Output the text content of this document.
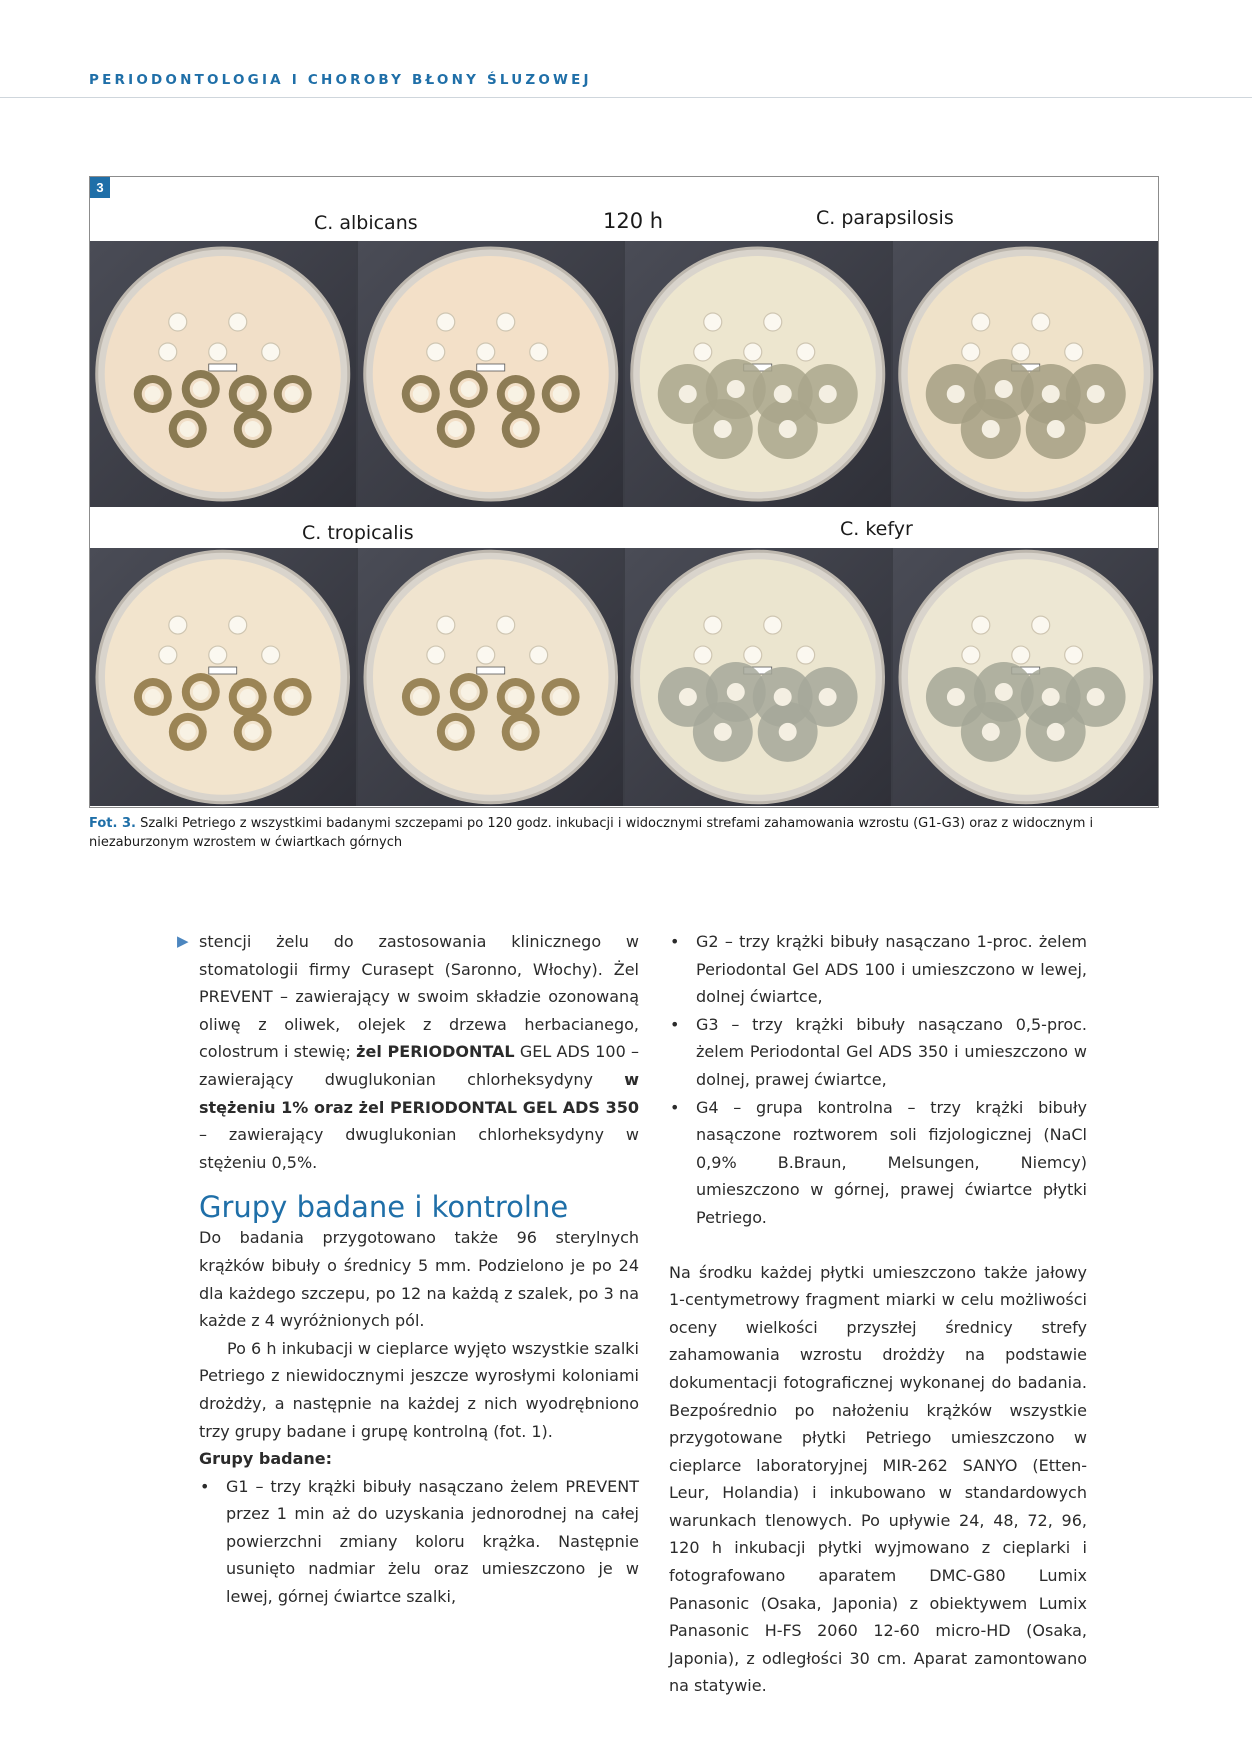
PERIODONTOLOGIA I CHOROBY BŁONY ŚLUZOWEJ
3
C. albicans	120 h	C. parapsilosis
C. tropicalis	C. kefyr
Fot. 3. Szalki Petriego z wszystkimi badanymi szczepami po 120 godz. inkubacji i widocznymi strefami zahamowania wzrostu (G1-G3) oraz z widocznym i niezaburzonym wzrostem w ćwiartkach górnych
▶ stencji żelu do zastosowania klinicznego w stomatologii firmy Curasept (Saronno, Włochy). Żel PREVENT – zawierający w swoim składzie ozonowaną oliwę z oliwek, olejek z drzewa herbacianego, colostrum i stewię; żel PERIODONTAL GEL ADS 100 – zawierający dwuglukonian chlorheksydyny w stężeniu 1% oraz żel PERIODONTAL GEL ADS 350 – zawierający dwuglukonian chlorheksydyny w stężeniu 0,5%.

Grupy badane i kontrolne

Do badania przygotowano także 96 sterylnych krążków bibuły o średnicy 5 mm. Podzielono je po 24 dla każdego szczepu, po 12 na każdą z szalek, po 3 na każde z 4 wyróżnionych pól.

Po 6 h inkubacji w cieplarce wyjęto wszystkie szalki Petriego z niewidocznymi jeszcze wyrosłymi koloniami drożdży, a następnie na każdej z nich wyodrębniono trzy grupy badane i grupę kontrolną (fot. 1).

Grupy badane:

• G1 – trzy krążki bibuły nasączano żelem PREVENT przez 1 min aż do uzyskania jednorodnej na całej powierzchni zmiany koloru krążka. Następnie usunięto nadmiar żelu oraz umieszczono je w lewej, górnej ćwiartce szalki,
• G2 – trzy krążki bibuły nasączano 1-proc. żelem Periodontal Gel ADS 100 i umieszczono w lewej, dolnej ćwiartce,
• G3 – trzy krążki bibuły nasączano 0,5-proc. żelem Periodontal Gel ADS 350 i umieszczono w dolnej, prawej ćwiartce,
• G4 – grupa kontrolna – trzy krążki bibuły nasączone roztworem soli fizjologicznej (NaCl 0,9% B.Braun, Melsungen, Niemcy) umieszczono w górnej, prawej ćwiartce płytki Petriego.

Na środku każdej płytki umieszczono także jałowy 1-centymetrowy fragment miarki w celu możliwości oceny wielkości przyszłej średnicy strefy zahamowania wzrostu drożdży na podstawie dokumentacji fotograficznej wykonanej do badania. Bezpośrednio po nałożeniu krążków wszystkie przygotowane płytki Petriego umieszczono w cieplarce laboratoryjnej MIR-262 SANYO (Etten-Leur, Holandia) i inkubowano w standardowych warunkach tlenowych. Po upływie 24, 48, 72, 96, 120 h inkubacji płytki wyjmowano z cieplarki i fotografowano aparatem DMC-G80 Lumix Panasonic (Osaka, Japonia) z obiektywem Lumix Panasonic H-FS 2060 12-60 micro-HD (Osaka, Japonia), z odległości 30 cm. Aparat zamontowano na statywie.
